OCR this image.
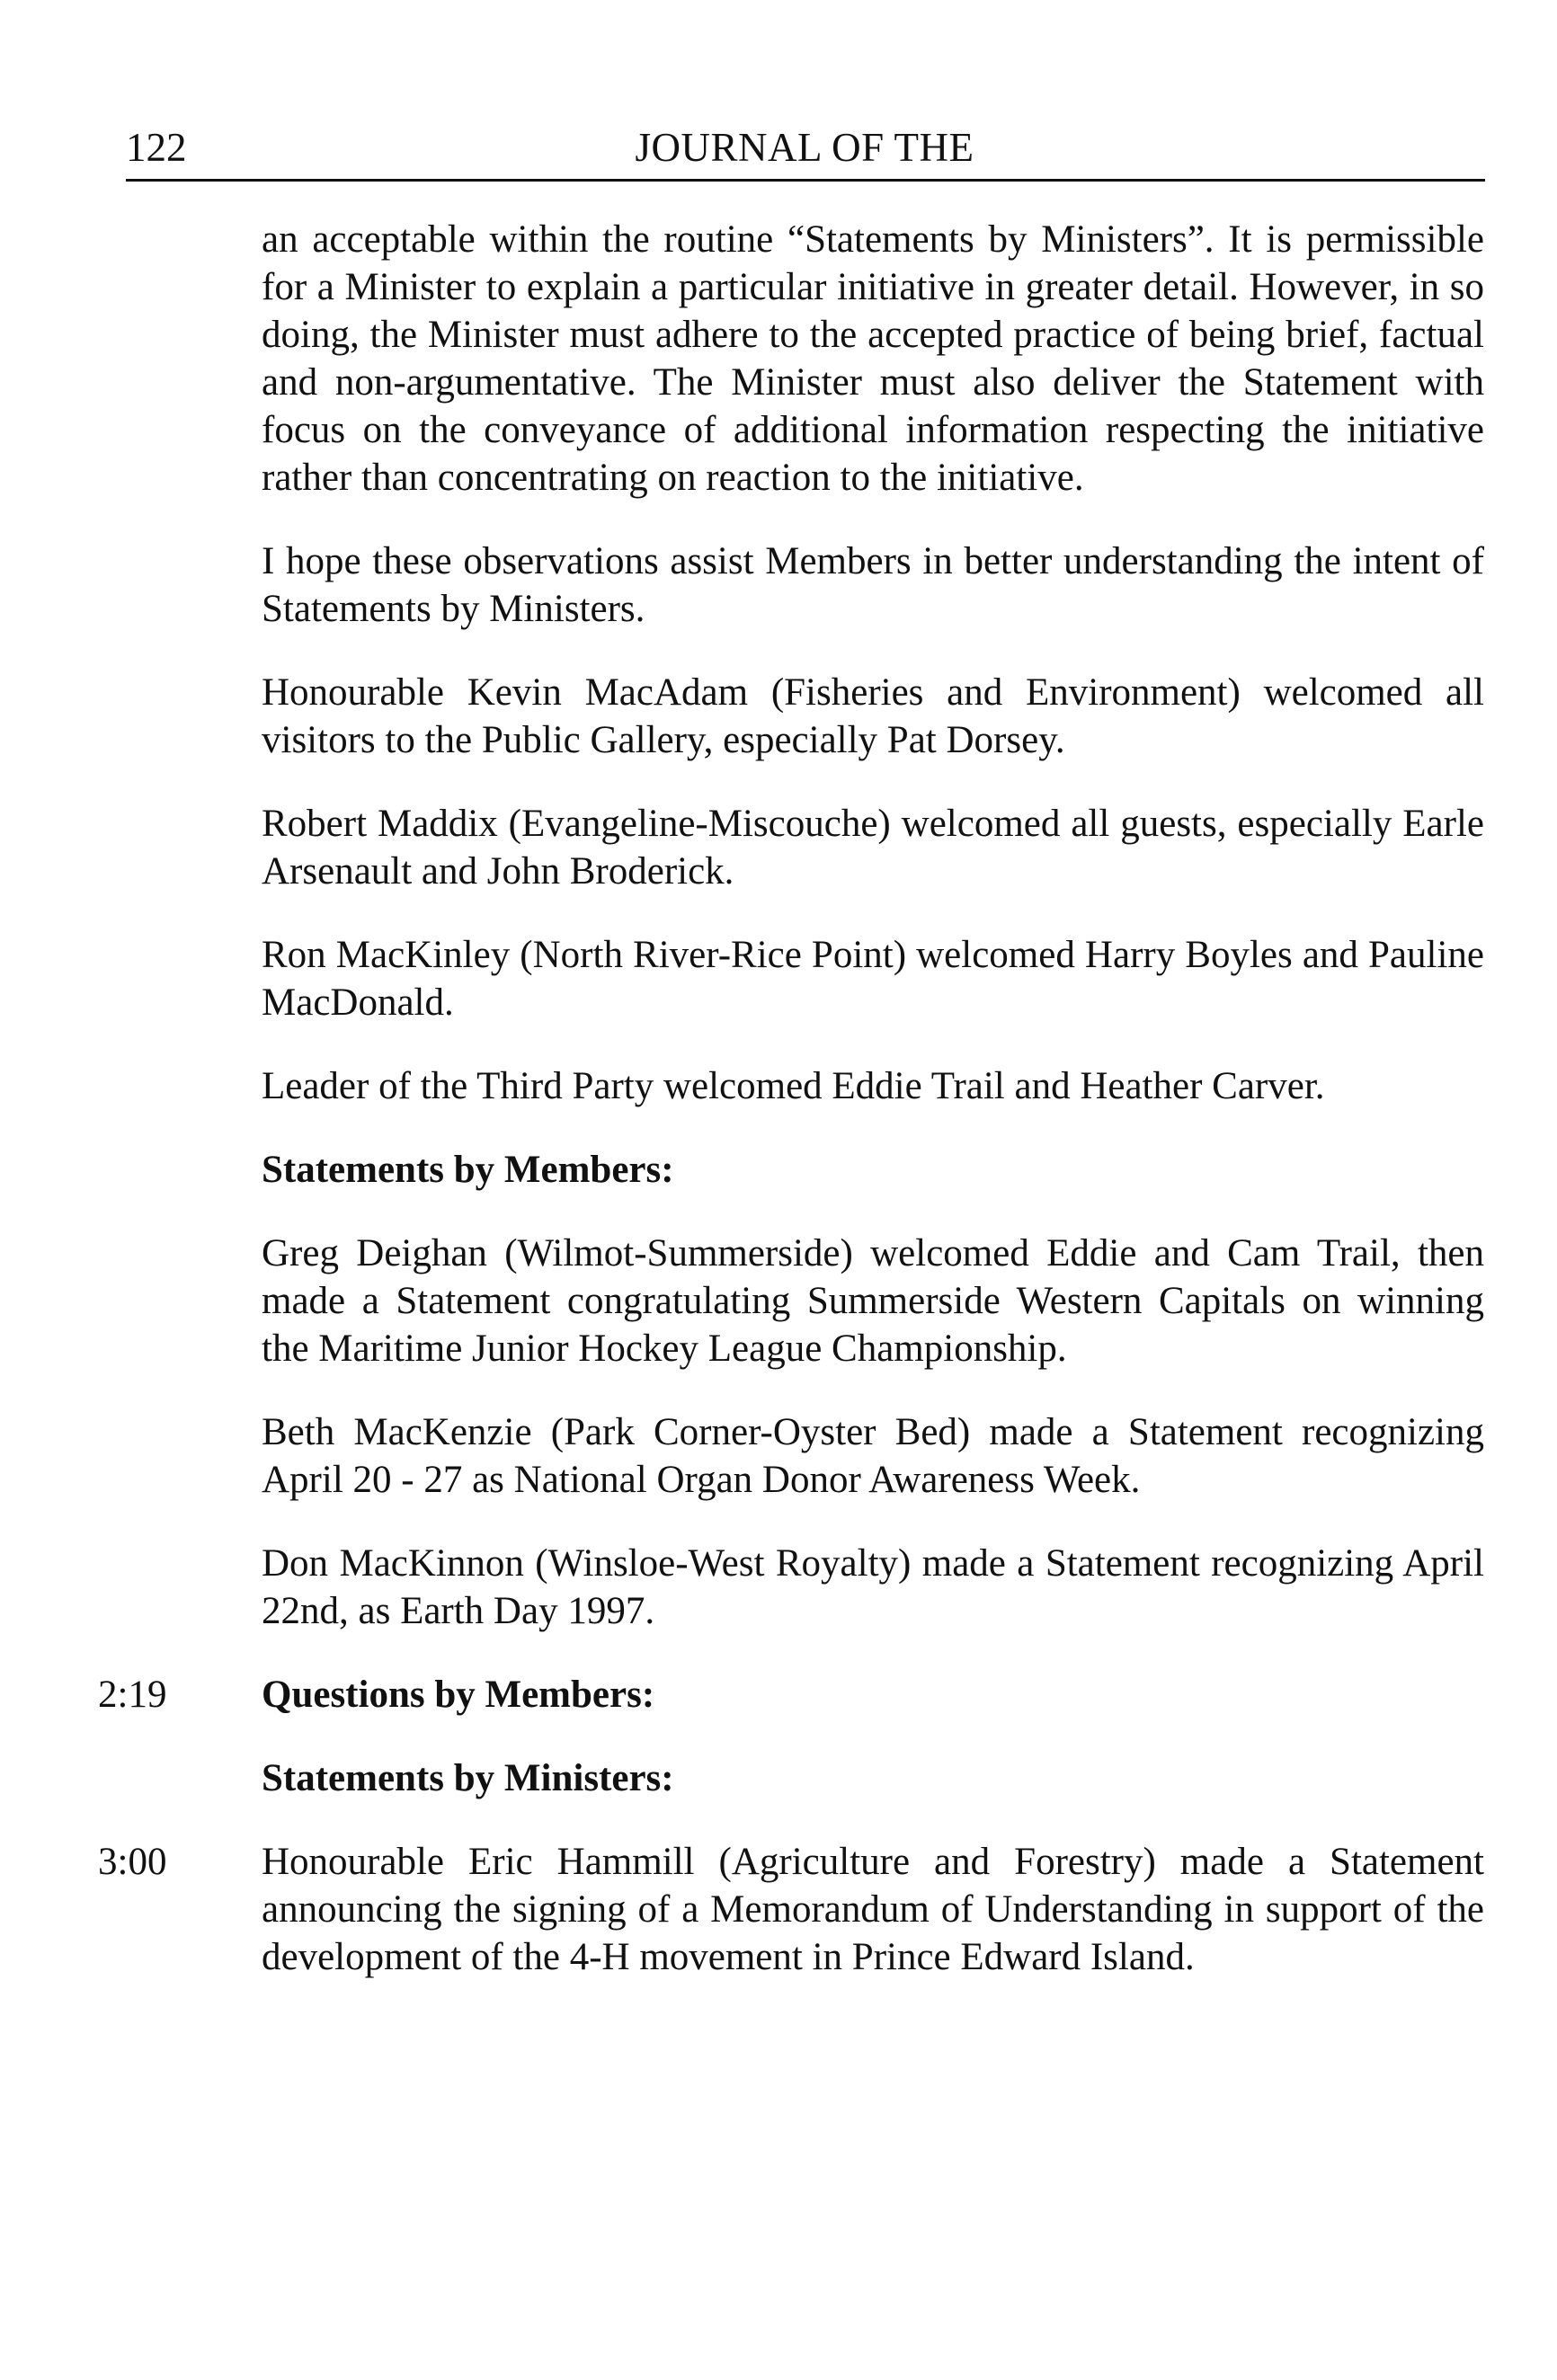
122	JOURNAL OF THE

an acceptable within the routine “Statements by Ministers”. It is permissible for a Minister to explain a particular initiative in greater detail. However, in so doing, the Minister must adhere to the accepted practice of being brief, factual and non-argumentative. The Minister must also deliver the Statement with focus on the conveyance of additional information respecting the initiative rather than concentrating on reaction to the initiative.

I hope these observations assist Members in better understanding the intent of Statements by Ministers.

Honourable Kevin MacAdam (Fisheries and Environment) welcomed all visitors to the Public Gallery, especially Pat Dorsey.

Robert Maddix (Evangeline-Miscouche) welcomed all guests, especially Earle Arsenault and John Broderick.

Ron MacKinley (North River-Rice Point) welcomed Harry Boyles and Pauline MacDonald.

Leader of the Third Party welcomed Eddie Trail and Heather Carver.

Statements by Members:

Greg Deighan (Wilmot-Summerside) welcomed Eddie and Cam Trail, then made a Statement congratulating Summerside Western Capitals on winning the Maritime Junior Hockey League Championship.

Beth MacKenzie (Park Corner-Oyster Bed) made a Statement recognizing April 20 - 27 as National Organ Donor Awareness Week.

Don MacKinnon (Winsloe-West Royalty) made a Statement recognizing April 22nd, as Earth Day 1997.

2:19	Questions by Members:
Statements by Ministers:
3:00	Honourable Eric Hammill (Agriculture and Forestry) made a Statement announcing the signing of a Memorandum of Understanding in support of the development of the 4-H movement in Prince Edward Island.
